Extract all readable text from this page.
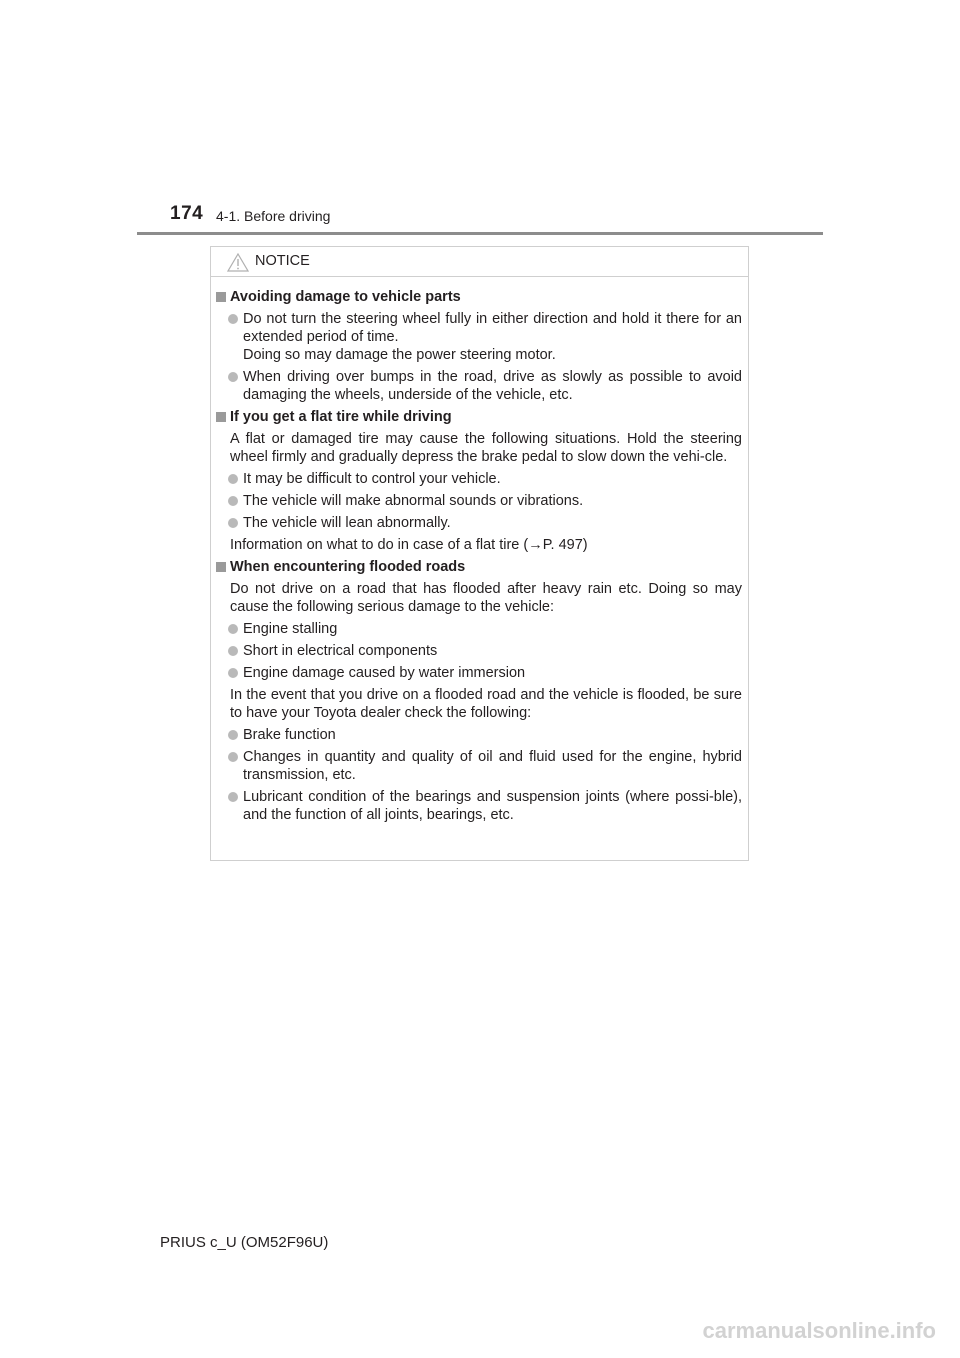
174 4-1. Before driving
NOTICE
Avoiding damage to vehicle parts
Do not turn the steering wheel fully in either direction and hold it there for an extended period of time.
Doing so may damage the power steering motor.
When driving over bumps in the road, drive as slowly as possible to avoid damaging the wheels, underside of the vehicle, etc.
If you get a flat tire while driving
A flat or damaged tire may cause the following situations. Hold the steering wheel firmly and gradually depress the brake pedal to slow down the vehi-cle.
It may be difficult to control your vehicle.
The vehicle will make abnormal sounds or vibrations.
The vehicle will lean abnormally.
Information on what to do in case of a flat tire (→P. 497)
When encountering flooded roads
Do not drive on a road that has flooded after heavy rain etc. Doing so may cause the following serious damage to the vehicle:
Engine stalling
Short in electrical components
Engine damage caused by water immersion
In the event that you drive on a flooded road and the vehicle is flooded, be sure to have your Toyota dealer check the following:
Brake function
Changes in quantity and quality of oil and fluid used for the engine, hybrid transmission, etc.
Lubricant condition of the bearings and suspension joints (where possi-ble), and the function of all joints, bearings, etc.
PRIUS c_U (OM52F96U)
carmanualsonline.info
